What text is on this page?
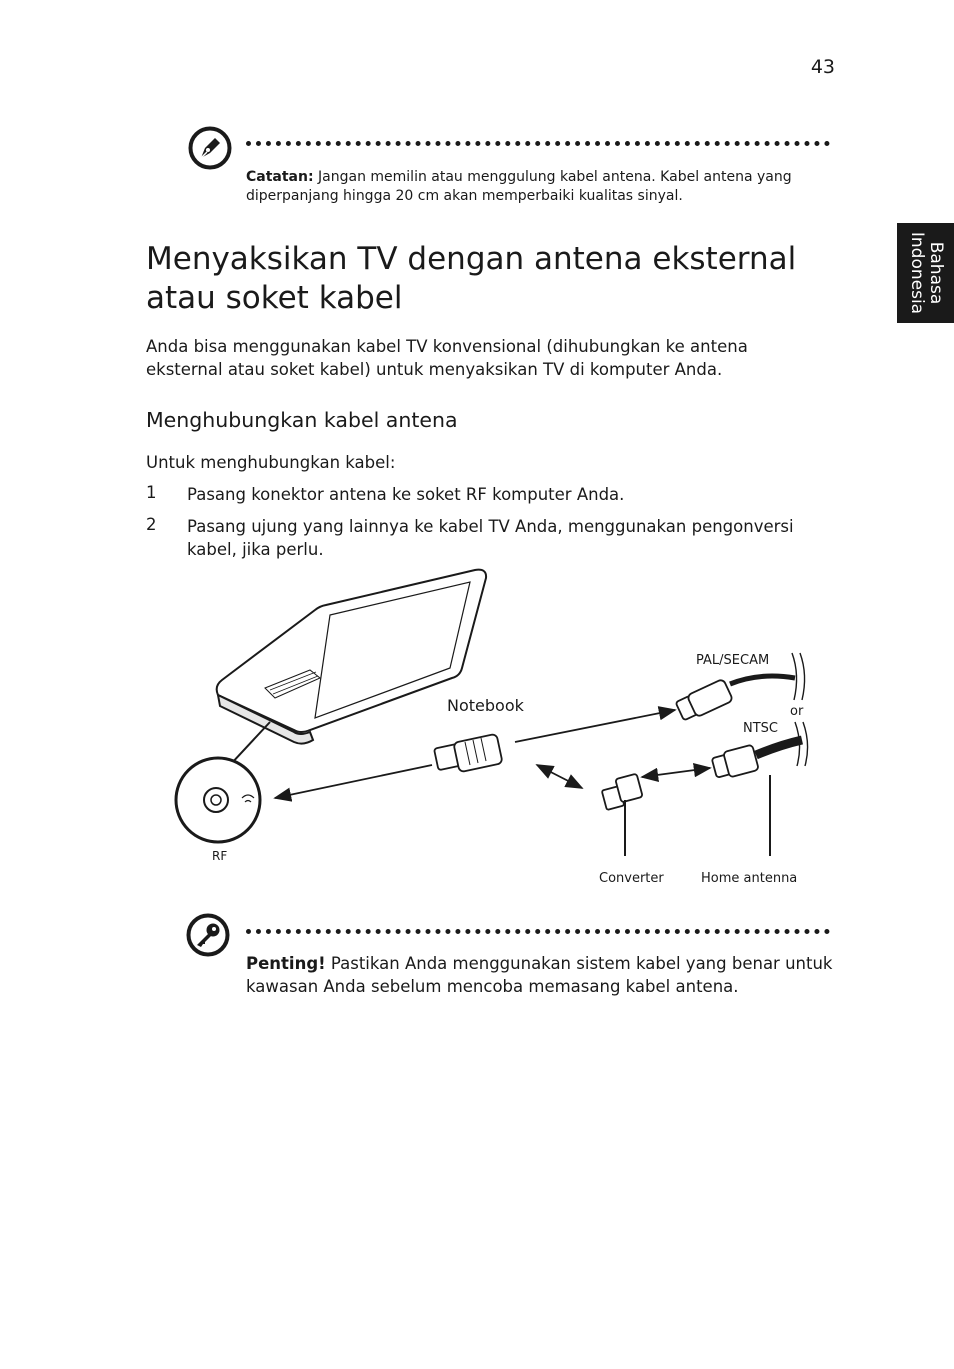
43
Bahasa
Indonesia
Catatan: Jangan memilin atau menggulung kabel antena. Kabel antena yang diperpanjang hingga 20 cm akan memperbaiki kualitas sinyal.
Menyaksikan TV dengan antena eksternal
atau soket kabel
Anda bisa menggunakan kabel TV konvensional (dihubungkan ke antena eksternal atau soket kabel) untuk menyaksikan TV di komputer Anda.
Menghubungkan kabel antena
Untuk menghubungkan kabel:
1 Pasang konektor antena ke soket RF komputer Anda.
2 Pasang ujung yang lainnya ke kabel TV Anda, menggunakan pengonversi kabel, jika perlu.
RF
Notebook
Converter
PAL/SECAM
or
NTSC
Home antenna
Penting! Pastikan Anda menggunakan sistem kabel yang benar untuk kawasan Anda sebelum mencoba memasang kabel antena.
